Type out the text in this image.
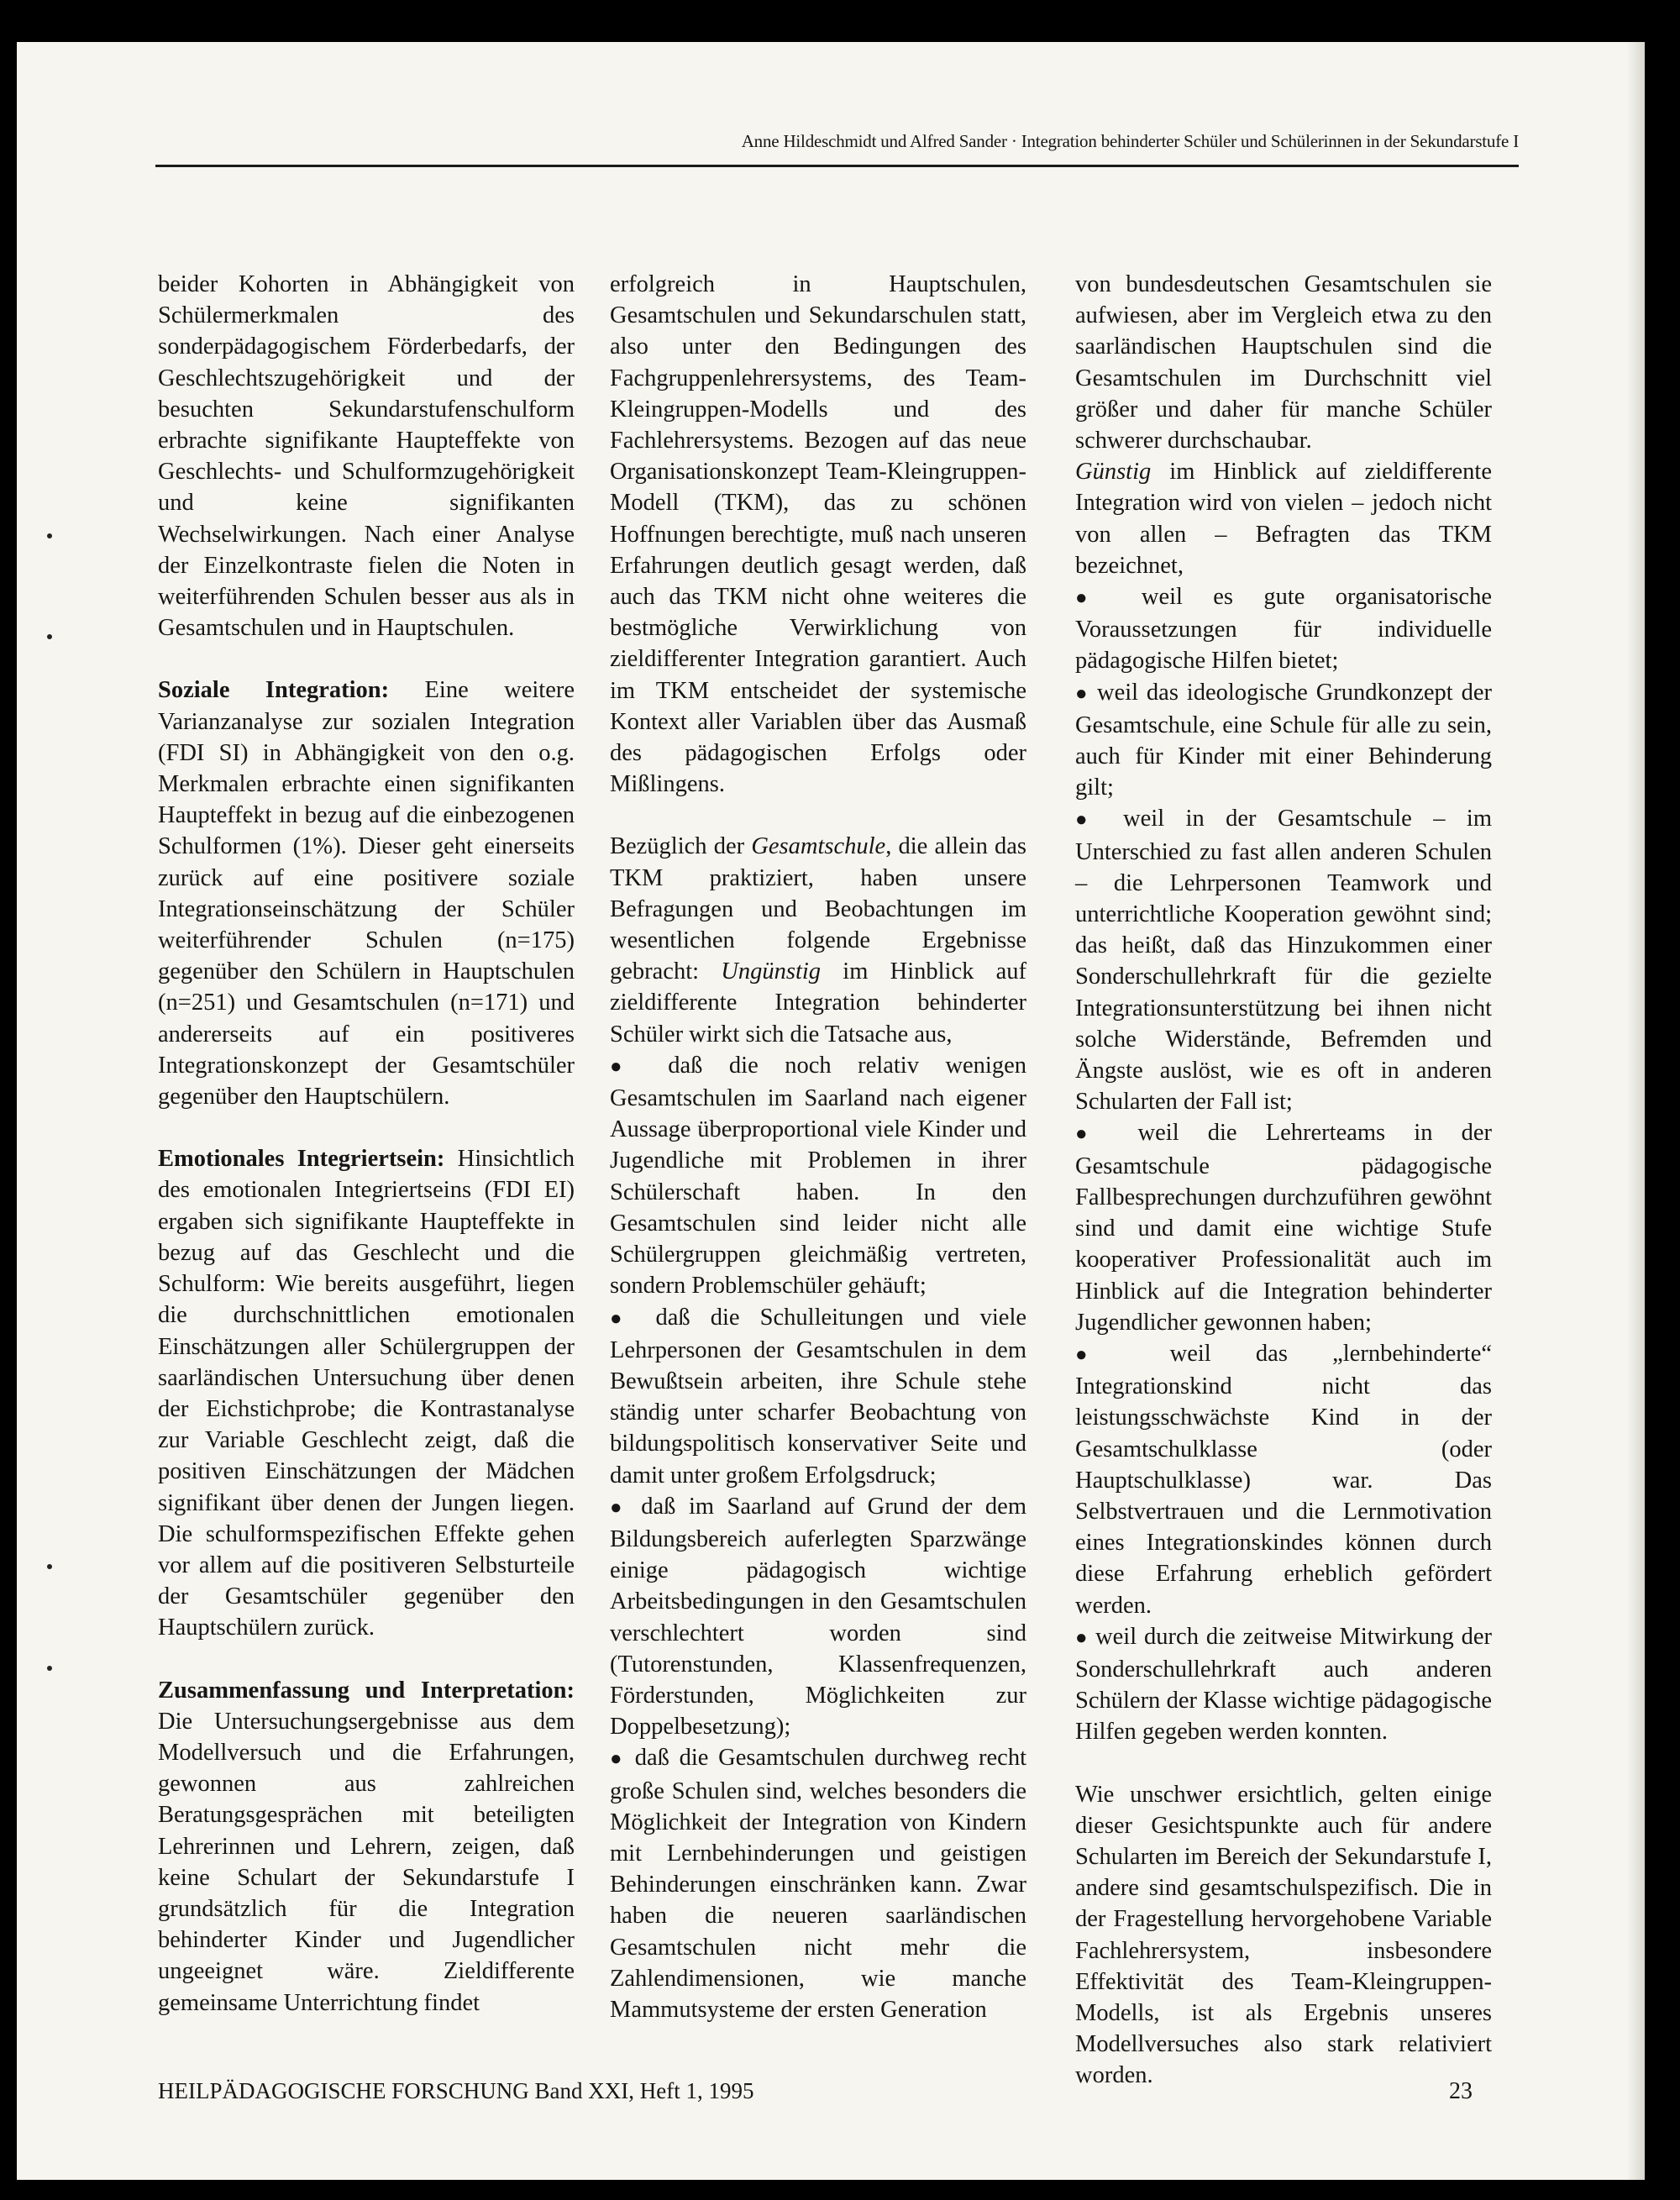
Anne Hildeschmidt und Alfred Sander · Integration behinderter Schüler und Schülerinnen in der Sekundarstufe I

beider Kohorten in Abhängigkeit von Schülermerkmalen des sonderpädagogischem Förderbedarfs, der Geschlechtszugehörigkeit und der besuchten Sekundarstufenschulform erbrachte signifikante Haupteffekte von Geschlechts- und Schulformzugehörigkeit und keine signifikanten Wechselwirkungen. Nach einer Analyse der Einzelkontraste fielen die Noten in weiterführenden Schulen besser aus als in Gesamtschulen und in Hauptschulen.

Soziale Integration: Eine weitere Varianzanalyse zur sozialen Integration (FDI SI) in Abhängigkeit von den o.g. Merkmalen erbrachte einen signifikanten Haupteffekt in bezug auf die einbezogenen Schulformen (1%). Dieser geht einerseits zurück auf eine positivere soziale Integrationseinschätzung der Schüler weiterführender Schulen (n=175) gegenüber den Schülern in Hauptschulen (n=251) und Gesamtschulen (n=171) und andererseits auf ein positiveres Integrationskonzept der Gesamtschüler gegenüber den Hauptschülern.

Emotionales Integriertsein: Hinsichtlich des emotionalen Integriertseins (FDI EI) ergaben sich signifikante Haupteffekte in bezug auf das Geschlecht und die Schulform: Wie bereits ausgeführt, liegen die durchschnittlichen emotionalen Einschätzungen aller Schülergruppen der saarländischen Untersuchung über denen der Eichstichprobe; die Kontrastanalyse zur Variable Geschlecht zeigt, daß die positiven Einschätzungen der Mädchen signifikant über denen der Jungen liegen. Die schulformspezifischen Effekte gehen vor allem auf die positiveren Selbsturteile der Gesamtschüler gegenüber den Hauptschülern zurück.

Zusammenfassung und Interpretation: Die Untersuchungsergebnisse aus dem Modellversuch und die Erfahrungen, gewonnen aus zahlreichen Beratungsgesprächen mit beteiligten Lehrerinnen und Lehrern, zeigen, daß keine Schulart der Sekundarstufe I grundsätzlich für die Integration behinderter Kinder und Jugendlicher ungeeignet wäre. Zieldifferente gemeinsame Unterrichtung findet

erfolgreich in Hauptschulen, Gesamtschulen und Sekundarschulen statt, also unter den Bedingungen des Fachgruppenlehrersystems, des Team-Kleingruppen-Modells und des Fachlehrersystems. Bezogen auf das neue Organisationskonzept Team-Kleingruppen-Modell (TKM), das zu schönen Hoffnungen berechtigte, muß nach unseren Erfahrungen deutlich gesagt werden, daß auch das TKM nicht ohne weiteres die bestmögliche Verwirklichung von zieldifferenter Integration garantiert. Auch im TKM entscheidet der systemische Kontext aller Variablen über das Ausmaß des pädagogischen Erfolgs oder Mißlingens.

Bezüglich der Gesamtschule, die allein das TKM praktiziert, haben unsere Befragungen und Beobachtungen im wesentlichen folgende Ergebnisse gebracht: Ungünstig im Hinblick auf zieldifferente Integration behinderter Schüler wirkt sich die Tatsache aus,

● daß die noch relativ wenigen Gesamtschulen im Saarland nach eigener Aussage überproportional viele Kinder und Jugendliche mit Problemen in ihrer Schülerschaft haben. In den Gesamtschulen sind leider nicht alle Schülergruppen gleichmäßig vertreten, sondern Problemschüler gehäuft;

● daß die Schulleitungen und viele Lehrpersonen der Gesamtschulen in dem Bewußtsein arbeiten, ihre Schule stehe ständig unter scharfer Beobachtung von bildungspolitisch konservativer Seite und damit unter großem Erfolgsdruck;

● daß im Saarland auf Grund der dem Bildungsbereich auferlegten Sparzwänge einige pädagogisch wichtige Arbeitsbedingungen in den Gesamtschulen verschlechtert worden sind (Tutorenstunden, Klassenfrequenzen, Förderstunden, Möglichkeiten zur Doppelbesetzung);

● daß die Gesamtschulen durchweg recht große Schulen sind, welches besonders die Möglichkeit der Integration von Kindern mit Lernbehinderungen und geistigen Behinderungen einschränken kann. Zwar haben die neueren saarländischen Gesamtschulen nicht mehr die Zahlendimensionen, wie manche Mammutsysteme der ersten Generation

von bundesdeutschen Gesamtschulen sie aufwiesen, aber im Vergleich etwa zu den saarländischen Hauptschulen sind die Gesamtschulen im Durchschnitt viel größer und daher für manche Schüler schwerer durchschaubar.

Günstig im Hinblick auf zieldifferente Integration wird von vielen – jedoch nicht von allen – Befragten das TKM bezeichnet,

● weil es gute organisatorische Voraussetzungen für individuelle pädagogische Hilfen bietet;

● weil das ideologische Grundkonzept der Gesamtschule, eine Schule für alle zu sein, auch für Kinder mit einer Behinderung gilt;

● weil in der Gesamtschule – im Unterschied zu fast allen anderen Schulen – die Lehrpersonen Teamwork und unterrichtliche Kooperation gewöhnt sind; das heißt, daß das Hinzukommen einer Sonderschullehrkraft für die gezielte Integrationsunterstützung bei ihnen nicht solche Widerstände, Befremden und Ängste auslöst, wie es oft in anderen Schularten der Fall ist;

● weil die Lehrerteams in der Gesamtschule pädagogische Fallbesprechungen durchzuführen gewöhnt sind und damit eine wichtige Stufe kooperativer Professionalität auch im Hinblick auf die Integration behinderter Jugendlicher gewonnen haben;

● weil das „lernbehinderte“ Integrationskind nicht das leistungsschwächste Kind in der Gesamtschulklasse (oder Hauptschulklasse) war. Das Selbstvertrauen und die Lernmotivation eines Integrationskindes können durch diese Erfahrung erheblich gefördert werden.

● weil durch die zeitweise Mitwirkung der Sonderschullehrkraft auch anderen Schülern der Klasse wichtige pädagogische Hilfen gegeben werden konnten.

Wie unschwer ersichtlich, gelten einige dieser Gesichtspunkte auch für andere Schularten im Bereich der Sekundarstufe I, andere sind gesamtschulspezifisch. Die in der Fragestellung hervorgehobene Variable Fachlehrersystem, insbesondere Effektivität des Team-Kleingruppen-Modells, ist als Ergebnis unseres Modellversuches also stark relativiert worden.

HEILPÄDAGOGISCHE FORSCHUNG Band XXI, Heft 1, 1995	23
